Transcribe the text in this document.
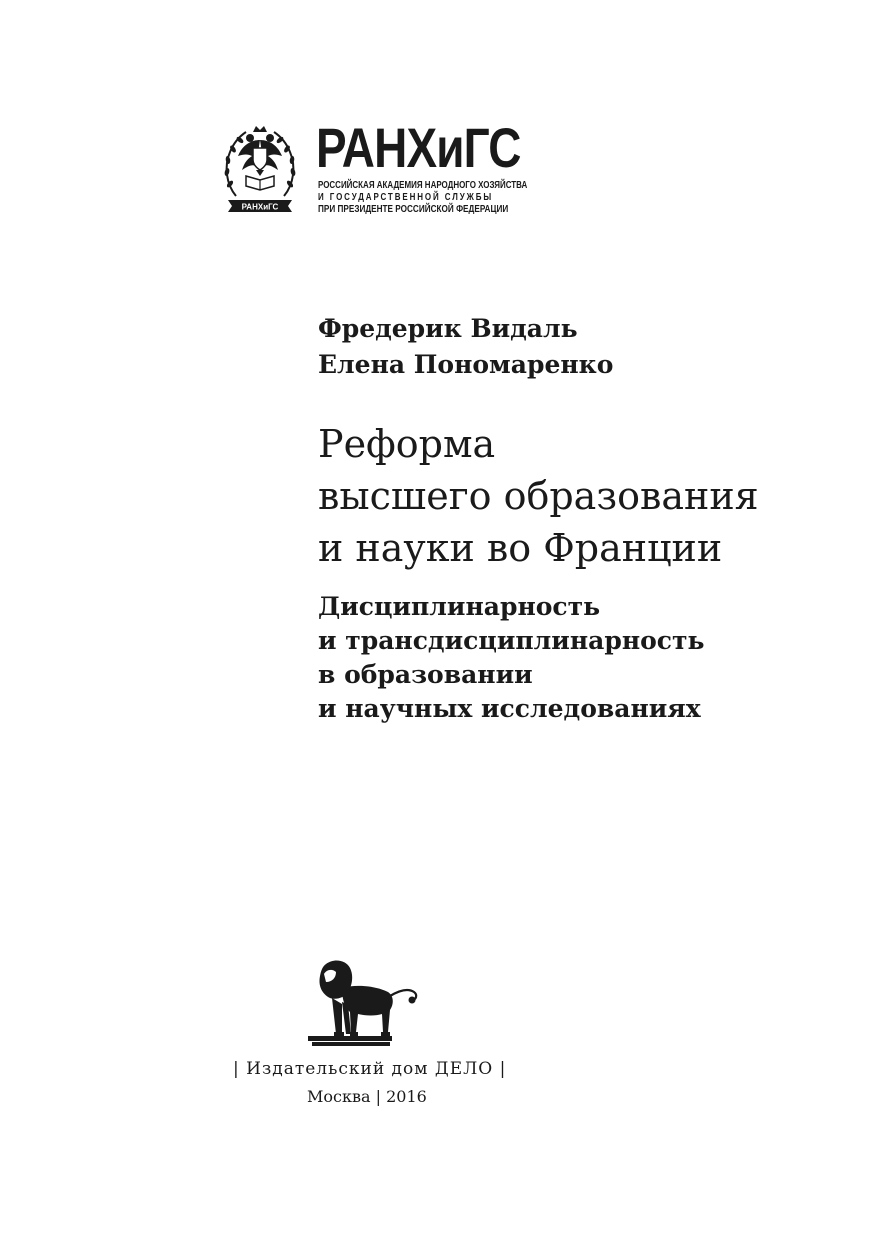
РАНХиГС
РАНХиГС
РОССИЙСКАЯ АКАДЕМИЯ НАРОДНОГО ХОЗЯЙСТВА
И ГОСУДАРСТВЕННОЙ СЛУЖБЫ
ПРИ ПРЕЗИДЕНТЕ РОССИЙСКОЙ ФЕДЕРАЦИИ
Фредерик Видаль
Елена Пономаренко
Реформа
высшего образования
и науки во Франции
Дисциплинарность
и трансдисциплинарность
в образовании
и научных исследованиях
| Издательский дом ДЕЛО |
Москва | 2016
